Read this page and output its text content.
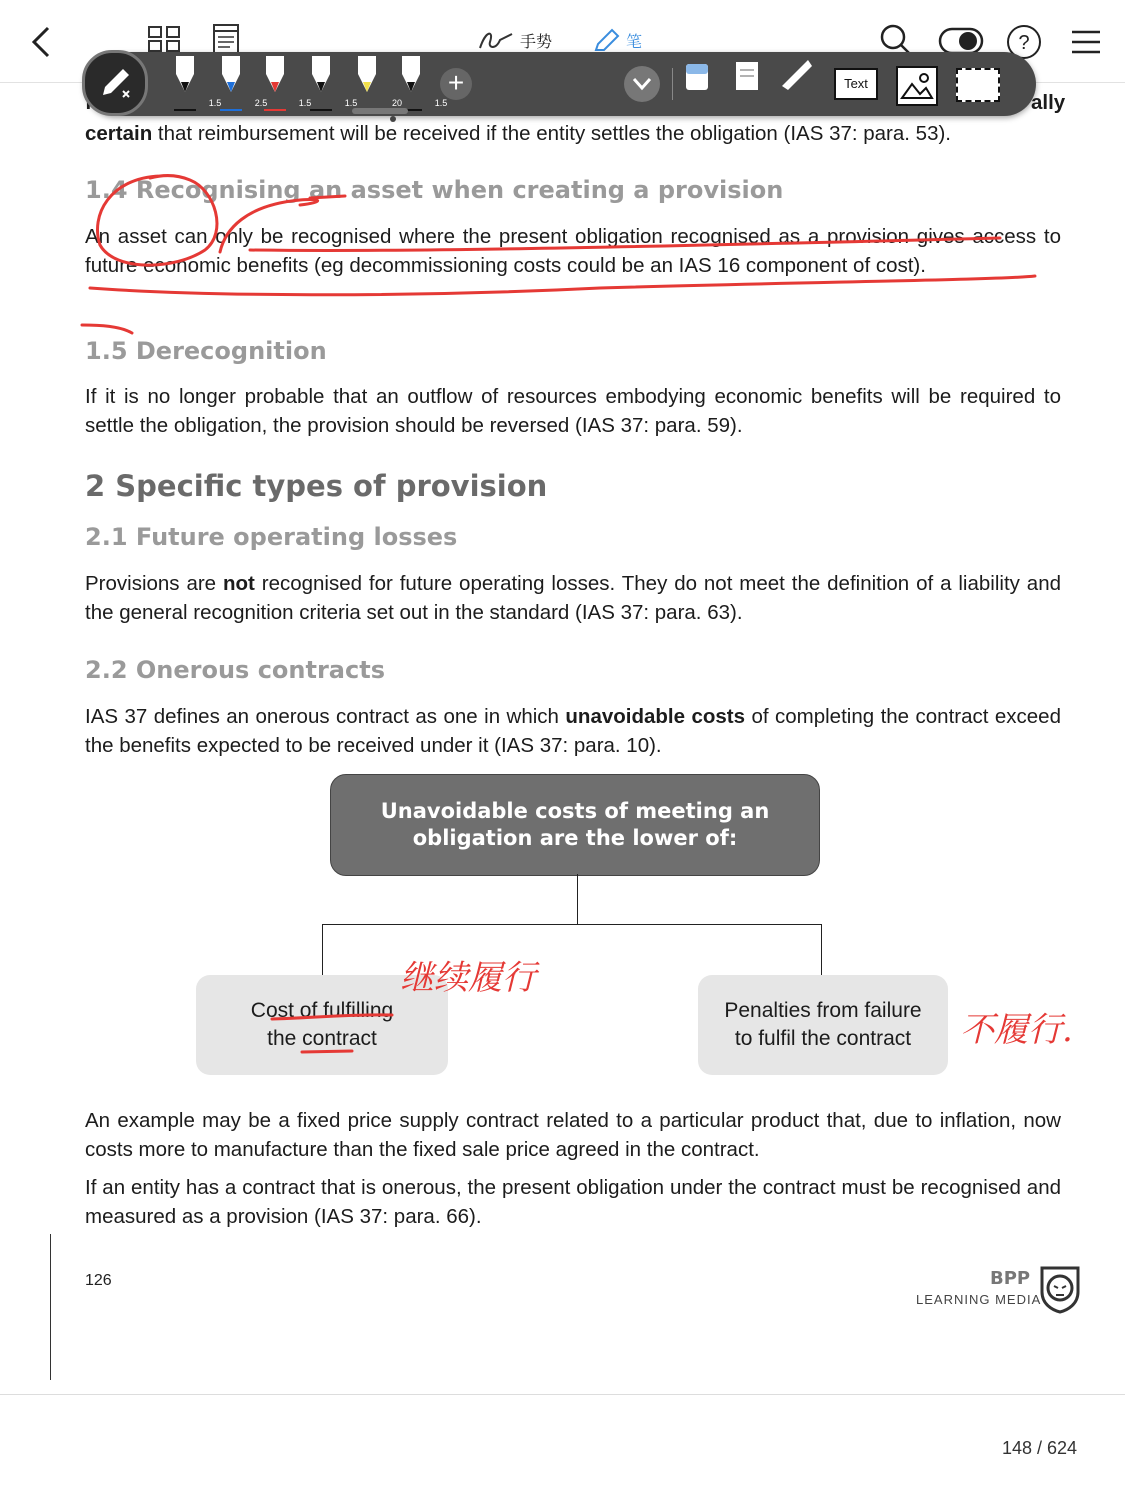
手势	笔	?
ally
certain that reimbursement will be received if the entity settles the obligation (IAS 37: para. 53).
1.4 Recognising an asset when creating a provision
An asset can only be recognised where the present obligation recognised as a provision gives access to future economic benefits (eg decommissioning costs could be an IAS 16 component of cost).
1.5 Derecognition
If it is no longer probable that an outflow of resources embodying economic benefits will be required to settle the obligation, the provision should be reversed (IAS 37: para. 59).
2 Specific types of provision
2.1 Future operating losses
Provisions are not recognised for future operating losses. They do not meet the definition of a liability and the general recognition criteria set out in the standard (IAS 37: para. 63).
2.2 Onerous contracts
IAS 37 defines an onerous contract as one in which unavoidable costs of completing the contract exceed the benefits expected to be received under it (IAS 37: para. 10).
Unavoidable costs of meeting an obligation are the lower of:
Cost of fulfilling the contract
Penalties from failure to fulfil the contract
An example may be a fixed price supply contract related to a particular product that, due to inflation, now costs more to manufacture than the fixed sale price agreed in the contract.
If an entity has a contract that is onerous, the present obligation under the contract must be recognised and measured as a provision (IAS 37: para. 66).
126	BPP
LEARNING MEDIA
148 / 624
继续履行
不履行.
1.5	2.5	1.5	1.5	20	1.5
+	Text
